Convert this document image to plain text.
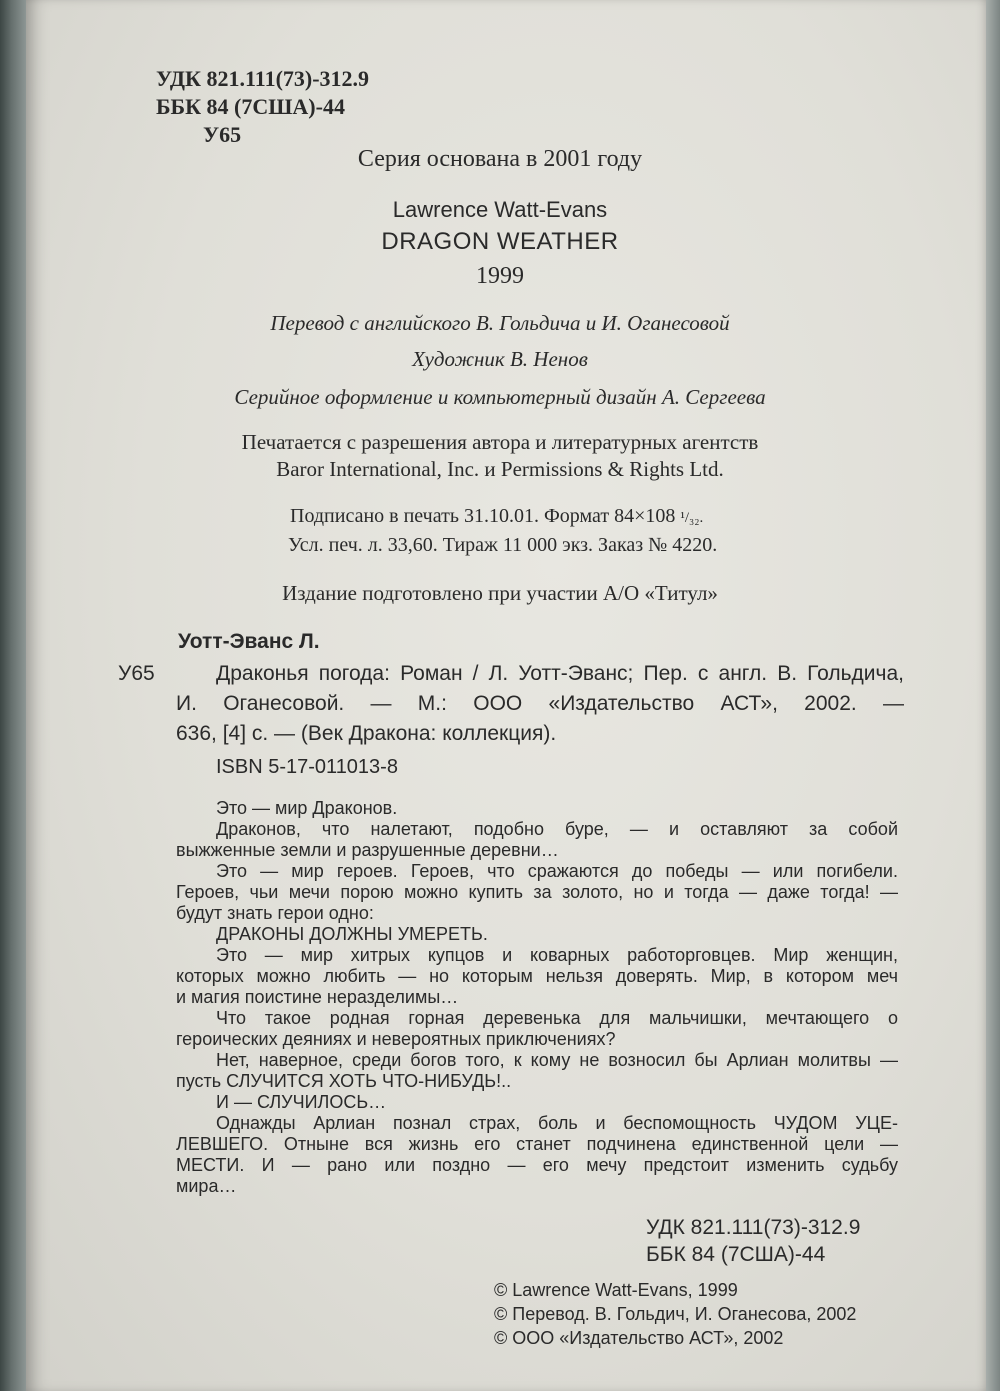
УДК 821.111(73)-312.9
ББК 84 (7США)-44
У65
Серия основана в 2001 году
Lawrence Watt-Evans
DRAGON WEATHER
1999
Перевод с английского В. Гольдича и И. Оганесовой
Художник В. Ненов
Серийное оформление и компьютерный дизайн А. Сергеева
Печатается с разрешения автора и литературных агентств
Baror International, Inc. и Permissions & Rights Ltd.
Подписано в печать 31.10.01. Формат 84×108 ¹/₃₂.
Усл. печ. л. 33,60. Тираж 11 000 экз. Заказ № 4220.
Издание подготовлено при участии А/О «Титул»
Уотт-Эванс Л.
У65	Драконья погода: Роман / Л. Уотт-Эванс; Пер. с англ. В. Гольдича,
И. Оганесовой. — М.: ООО «Издательство АСТ», 2002. —
636, [4] с. — (Век Дракона: коллекция).
ISBN 5-17-011013-8
Это — мир Драконов.
Драконов, что налетают, подобно буре, — и оставляют за собой
выжженные земли и разрушенные деревни…
Это — мир героев. Героев, что сражаются до победы — или погибели.
Героев, чьи мечи порою можно купить за золото, но и тогда — даже тогда! —
будут знать герои одно:
ДРАКОНЫ ДОЛЖНЫ УМЕРЕТЬ.
Это — мир хитрых купцов и коварных работорговцев. Мир женщин,
которых можно любить — но которым нельзя доверять. Мир, в котором меч
и магия поистине неразделимы…
Что такое родная горная деревенька для мальчишки, мечтающего о
героических деяниях и невероятных приключениях?
Нет, наверное, среди богов того, к кому не возносил бы Арлиан молитвы —
пусть СЛУЧИТСЯ ХОТЬ ЧТО-НИБУДЬ!..
И — СЛУЧИЛОСЬ…
Однажды Арлиан познал страх, боль и беспомощность ЧУДОМ УЦЕ-
ЛЕВШЕГО. Отныне вся жизнь его станет подчинена единственной цели —
МЕСТИ. И — рано или поздно — его мечу предстоит изменить судьбу
мира…
УДК 821.111(73)-312.9
ББК 84 (7США)-44
© Lawrence Watt-Evans, 1999
© Перевод. В. Гольдич, И. Оганесова, 2002
© ООО «Издательство АСТ», 2002
